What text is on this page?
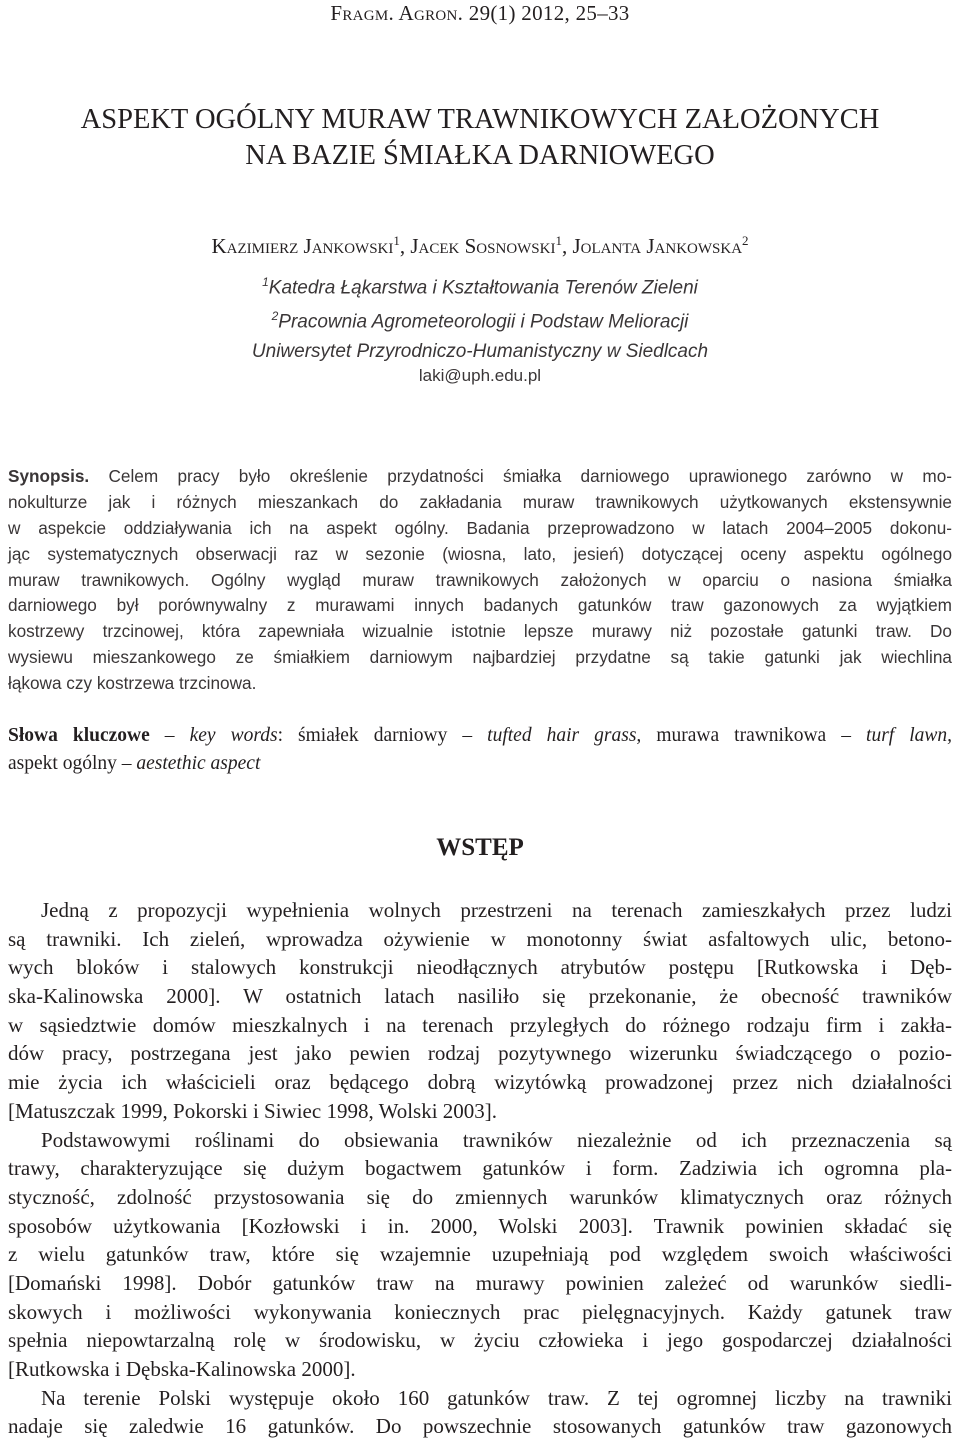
Fragm. Agron. 29(1) 2012, 25–33
ASPEKT OGÓLNY MURAW TRAWNIKOWYCH ZAŁOŻONYCH
NA BAZIE ŚMIAŁKA DARNIOWEGO
Kazimierz Jankowski$^1$, Jacek Sosnowski$^1$, Jolanta Jankowska$^2$
$^1$Katedra Łąkarstwa i Kształtowania Terenów Zieleni
$^2$Pracownia Agrometeorologii i Podstaw Melioracji
Uniwersytet Przyrodniczo-Humanistyczny w Siedlcach
laki@uph.edu.pl
Synopsis. Celem pracy było określenie przydatności śmiałka darniowego uprawionego zarówno w mo-
nokulturze jak i różnych mieszankach do zakładania muraw trawnikowych użytkowanych ekstensywnie
w aspekcie oddziaływania ich na aspekt ogólny. Badania przeprowadzono w latach 2004–2005 dokonu-
jąc systematycznych obserwacji raz w sezonie (wiosna, lato, jesień) dotyczącej oceny aspektu ogólnego
muraw trawnikowych. Ogólny wygląd muraw trawnikowych założonych w oparciu o nasiona śmiałka
darniowego był porównywalny z murawami innych badanych gatunków traw gazonowych za wyjątkiem
kostrzewy trzcinowej, która zapewniała wizualnie istotnie lepsze murawy niż pozostałe gatunki traw. Do
wysiewu mieszankowego ze śmiałkiem darniowym najbardziej przydatne są takie gatunki jak wiechlina
łąkowa czy kostrzewa trzcinowa.
Słowa kluczowe – key words: śmiałek darniowy – tufted hair grass, murawa trawnikowa – turf lawn,
aspekt ogólny – aestethic aspect
WSTĘP
Jedną z propozycji wypełnienia wolnych przestrzeni na terenach zamieszkałych przez ludzi
są trawniki. Ich zieleń, wprowadza ożywienie w monotonny świat asfaltowych ulic, betono-
wych bloków i stalowych konstrukcji nieodłącznych atrybutów postępu [Rutkowska i Dęb-
ska-Kalinowska 2000]. W ostatnich latach nasiliło się przekonanie, że obecność trawników
w sąsiedztwie domów mieszkalnych i na terenach przyległych do różnego rodzaju firm i zakła-
dów pracy, postrzegana jest jako pewien rodzaj pozytywnego wizerunku świadczącego o pozio-
mie życia ich właścicieli oraz będącego dobrą wizytówką prowadzonej przez nich działalności
[Matuszczak 1999, Pokorski i Siwiec 1998, Wolski 2003].
Podstawowymi roślinami do obsiewania trawników niezależnie od ich przeznaczenia są
trawy, charakteryzujące się dużym bogactwem gatunków i form. Zadziwia ich ogromna pla-
styczność, zdolność przystosowania się do zmiennych warunków klimatycznych oraz różnych
sposobów użytkowania [Kozłowski i in. 2000, Wolski 2003]. Trawnik powinien składać się
z wielu gatunków traw, które się wzajemnie uzupełniają pod względem swoich właściwości
[Domański 1998]. Dobór gatunków traw na murawy powinien zależeć od warunków siedli-
skowych i możliwości wykonywania koniecznych prac pielęgnacyjnych. Każdy gatunek traw
spełnia niepowtarzalną rolę w środowisku, w życiu człowieka i jego gospodarczej działalności
[Rutkowska i Dębska-Kalinowska 2000].
Na terenie Polski występuje około 160 gatunków traw. Z tej ogromnej liczby na trawniki
nadaje się zaledwie 16 gatunków. Do powszechnie stosowanych gatunków traw gazonowych
